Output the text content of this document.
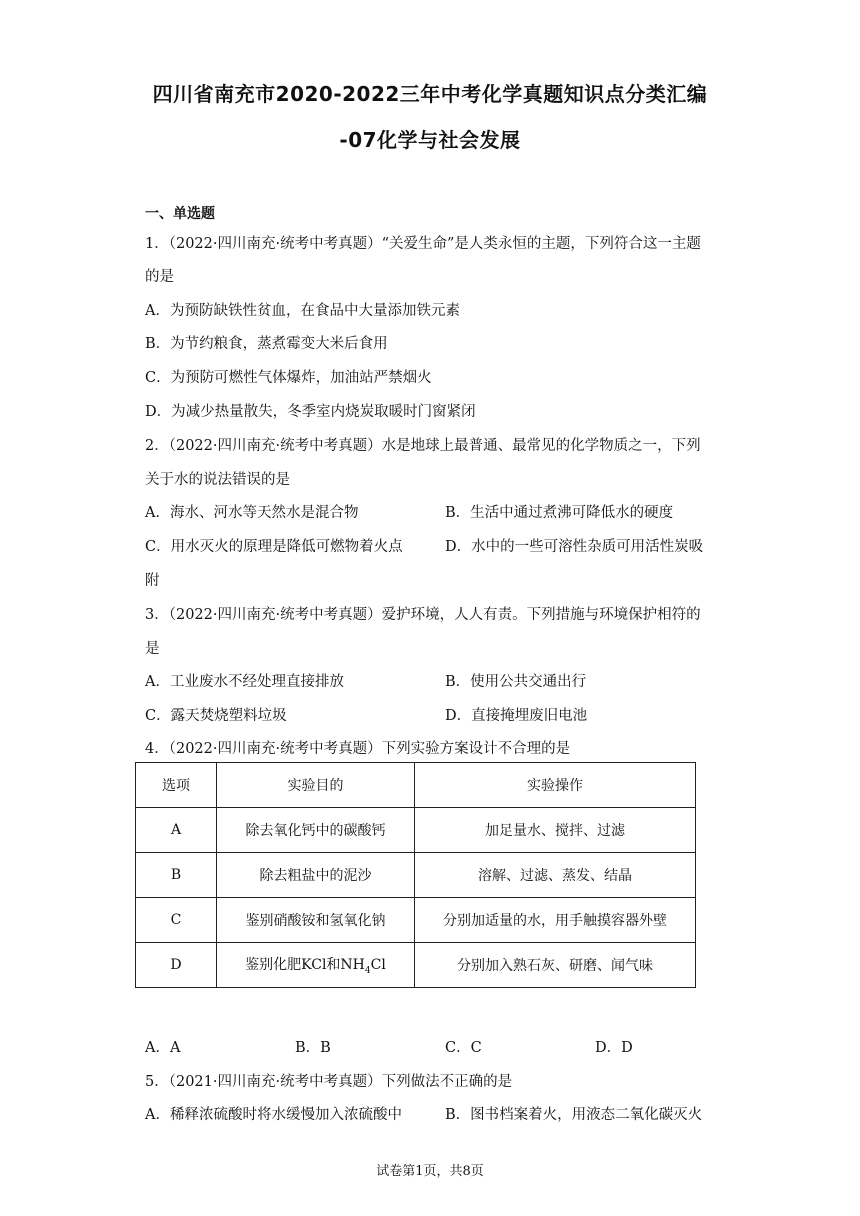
四川省南充市2020-2022三年中考化学真题知识点分类汇编
-07化学与社会发展
一、单选题
1．（2022·四川南充·统考中考真题）“关爱生命”是人类永恒的主题，下列符合这一主题
的是
A．为预防缺铁性贫血，在食品中大量添加铁元素
B．为节约粮食，蒸煮霉变大米后食用
C．为预防可燃性气体爆炸，加油站严禁烟火
D．为减少热量散失，冬季室内烧炭取暖时门窗紧闭
2．（2022·四川南充·统考中考真题）水是地球上最普通、最常见的化学物质之一，下列
关于水的说法错误的是
A．海水、河水等天然水是混合物	B．生活中通过煮沸可降低水的硬度
C．用水灭火的原理是降低可燃物着火点	D．水中的一些可溶性杂质可用活性炭吸
附
3．（2022·四川南充·统考中考真题）爱护环境，人人有责。下列措施与环境保护相符的
是
A．工业废水不经处理直接排放	B．使用公共交通出行
C．露天焚烧塑料垃圾	D．直接掩埋废旧电池
4．（2022·四川南充·统考中考真题）下列实验方案设计不合理的是
选项	实验目的	实验操作
A	除去氧化钙中的碳酸钙	加足量水、搅拌、过滤
B	除去粗盐中的泥沙	溶解、过滤、蒸发、结晶
C	鉴别硝酸铵和氢氧化钠	分别加适量的水，用手触摸容器外壁
D	鉴别化肥KCl和$NH_4Cl$	分别加入熟石灰、研磨、闻气味
A．A	B．B	C．C	D．D
5．（2021·四川南充·统考中考真题）下列做法不正确的是
A．稀释浓硫酸时将水缓慢加入浓硫酸中	B．图书档案着火，用液态二氧化碳灭火
试卷第1页，共8页
